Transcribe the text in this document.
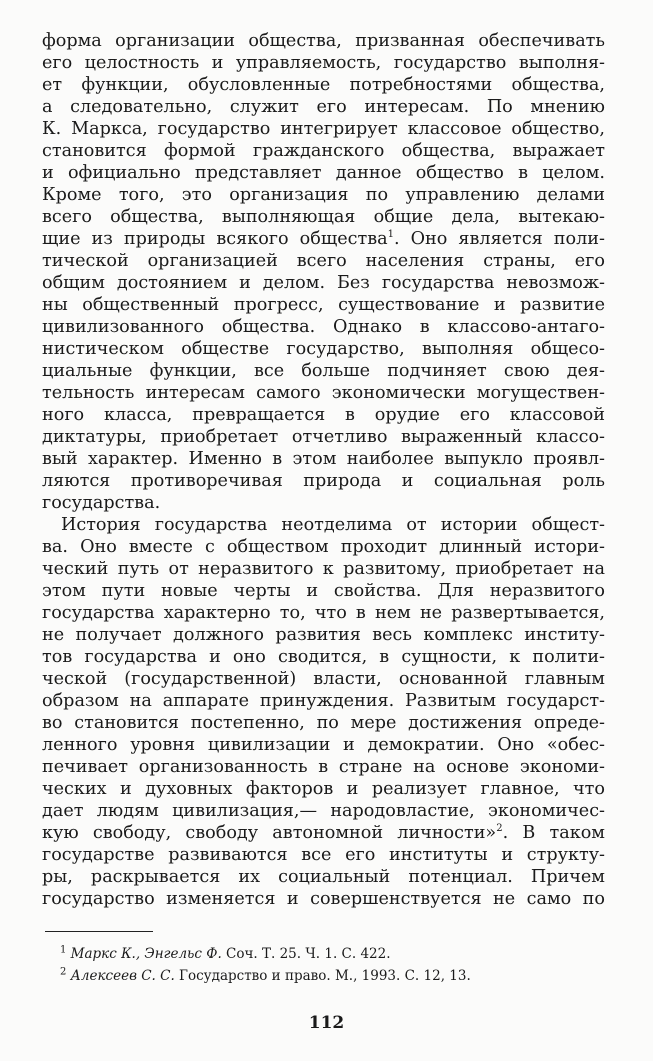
форма организации общества, призванная обеспечивать
его целостность и управляемость, государство выполня-
ет функции, обусловленные потребностями общества,
а следовательно, служит его интересам. По мнению
К. Маркса, государство интегрирует классовое общество,
становится формой гражданского общества, выражает
и официально представляет данное общество в целом.
Кроме того, это организация по управлению делами
всего общества, выполняющая общие дела, вытекаю-
щие из природы всякого общества$^1$. Оно является поли-
тической организацией всего населения страны, его
общим достоянием и делом. Без государства невозмож-
ны общественный прогресс, существование и развитие
цивилизованного общества. Однако в классово-антаго-
нистическом обществе государство, выполняя общесо-
циальные функции, все больше подчиняет свою дея-
тельность интересам самого экономически могуществен-
ного класса, превращается в орудие его классовой
диктатуры, приобретает отчетливо выраженный классо-
вый характер. Именно в этом наиболее выпукло проявл-
ляются противоречивая природа и социальная роль
государства.
История государства неотделима от истории общест-
ва. Оно вместе с обществом проходит длинный истори-
ческий путь от неразвитого к развитому, приобретает на
этом пути новые черты и свойства. Для неразвитого
государства характерно то, что в нем не развертывается,
не получает должного развития весь комплекс институ-
тов государства и оно сводится, в сущности, к полити-
ческой (государственной) власти, основанной главным
образом на аппарате принуждения. Развитым государст-
во становится постепенно, по мере достижения опреде-
ленного уровня цивилизации и демократии. Оно «обес-
печивает организованность в стране на основе экономи-
ческих и духовных факторов и реализует главное, что
дает людям цивилизация,— народовластие, экономичес-
кую свободу, свободу автономной личности»$^2$. В таком
государстве развиваются все его институты и структу-
ры, раскрывается их социальный потенциал. Причем
государство изменяется и совершенствуется не само по
$^1$ Маркс К., Энгельс Ф. Соч. Т. 25. Ч. 1. С. 422.
$^2$ Алексеев С. С. Государство и право. М., 1993. С. 12, 13.
112
